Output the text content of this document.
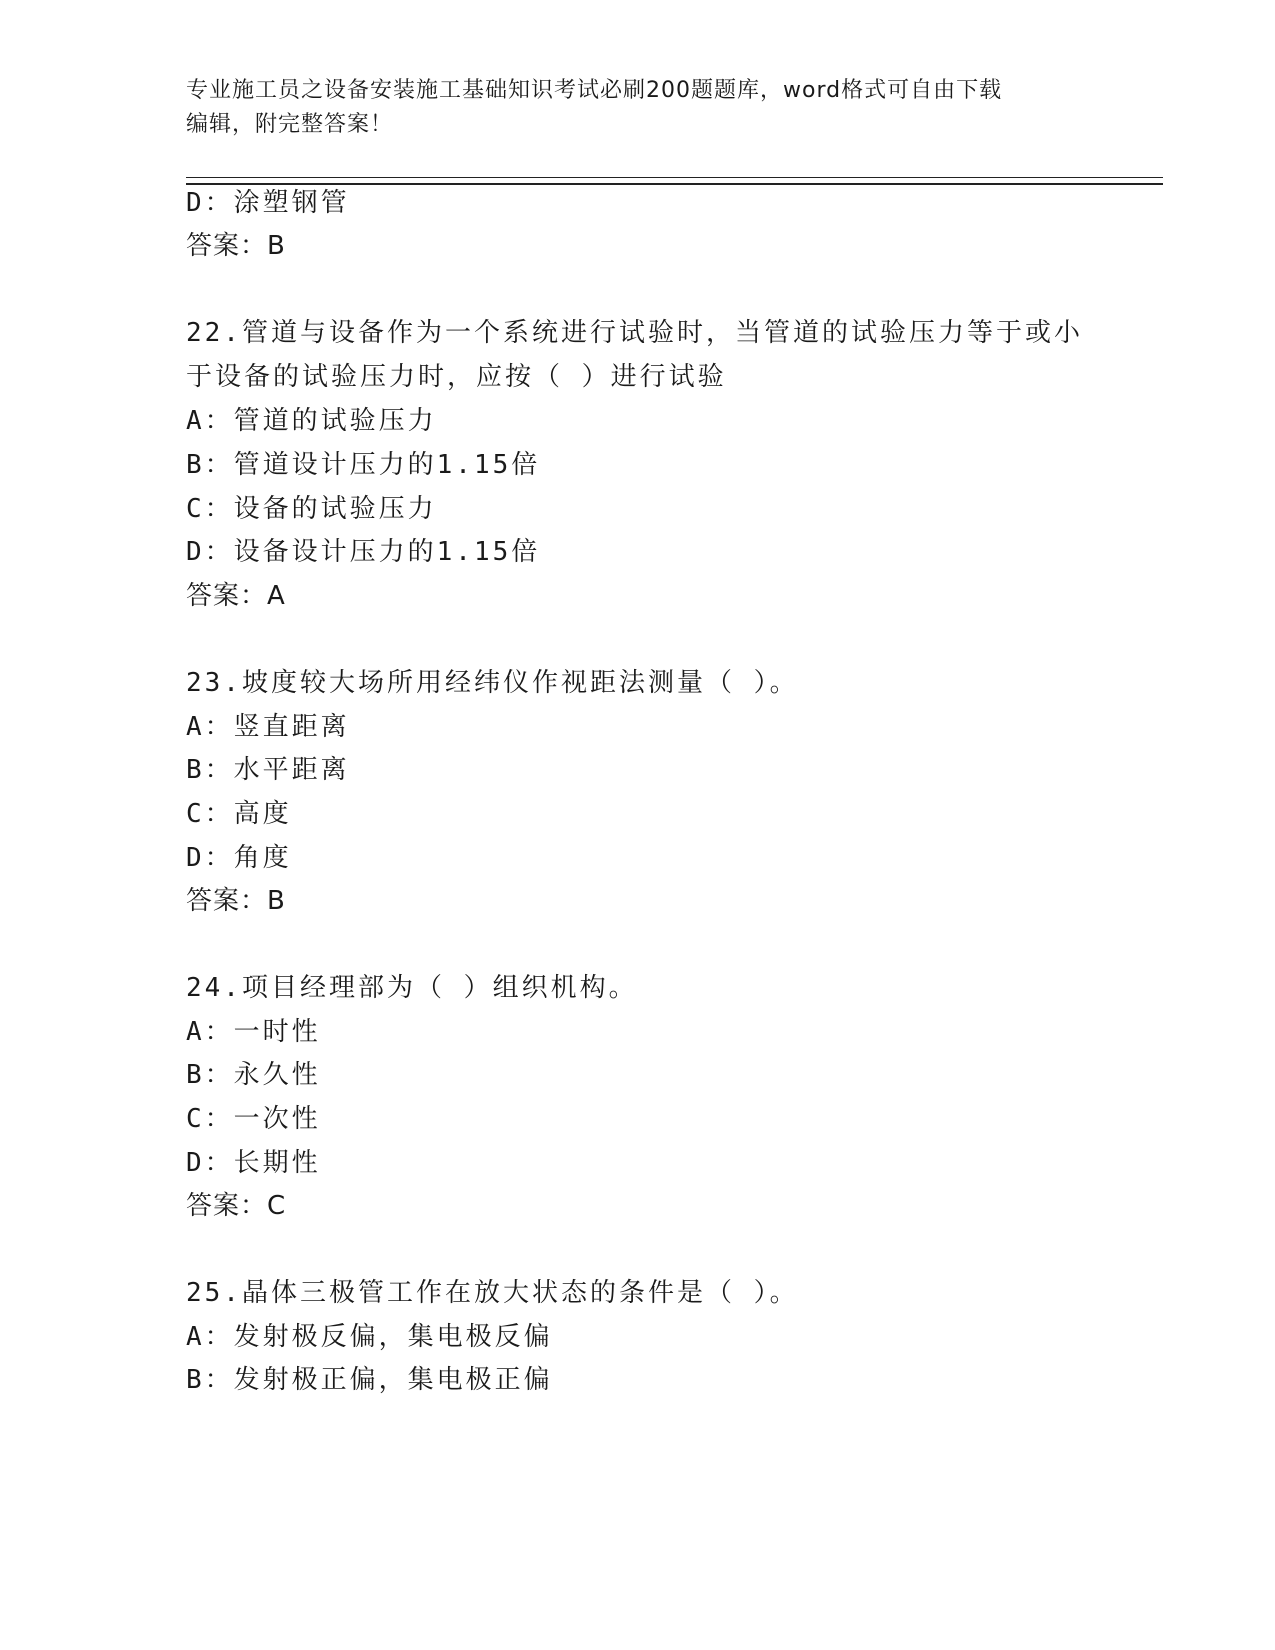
专业施工员之设备安装施工基础知识考试必刷200题题库，word格式可自由下载
编辑，附完整答案！
D：涂塑钢管
答案：B
22.管道与设备作为一个系统进行试验时，当管道的试验压力等于或小
于设备的试验压力时，应按（ ）进行试验
A：管道的试验压力
B：管道设计压力的1.15倍
C：设备的试验压力
D：设备设计压力的1.15倍
答案：A
23.坡度较大场所用经纬仪作视距法测量（ ）。
A：竖直距离
B：水平距离
C：高度
D：角度
答案：B
24.项目经理部为（ ）组织机构。
A：一时性
B：永久性
C：一次性
D：长期性
答案：C
25.晶体三极管工作在放大状态的条件是（ ）。
A：发射极反偏，集电极反偏
B：发射极正偏，集电极正偏
